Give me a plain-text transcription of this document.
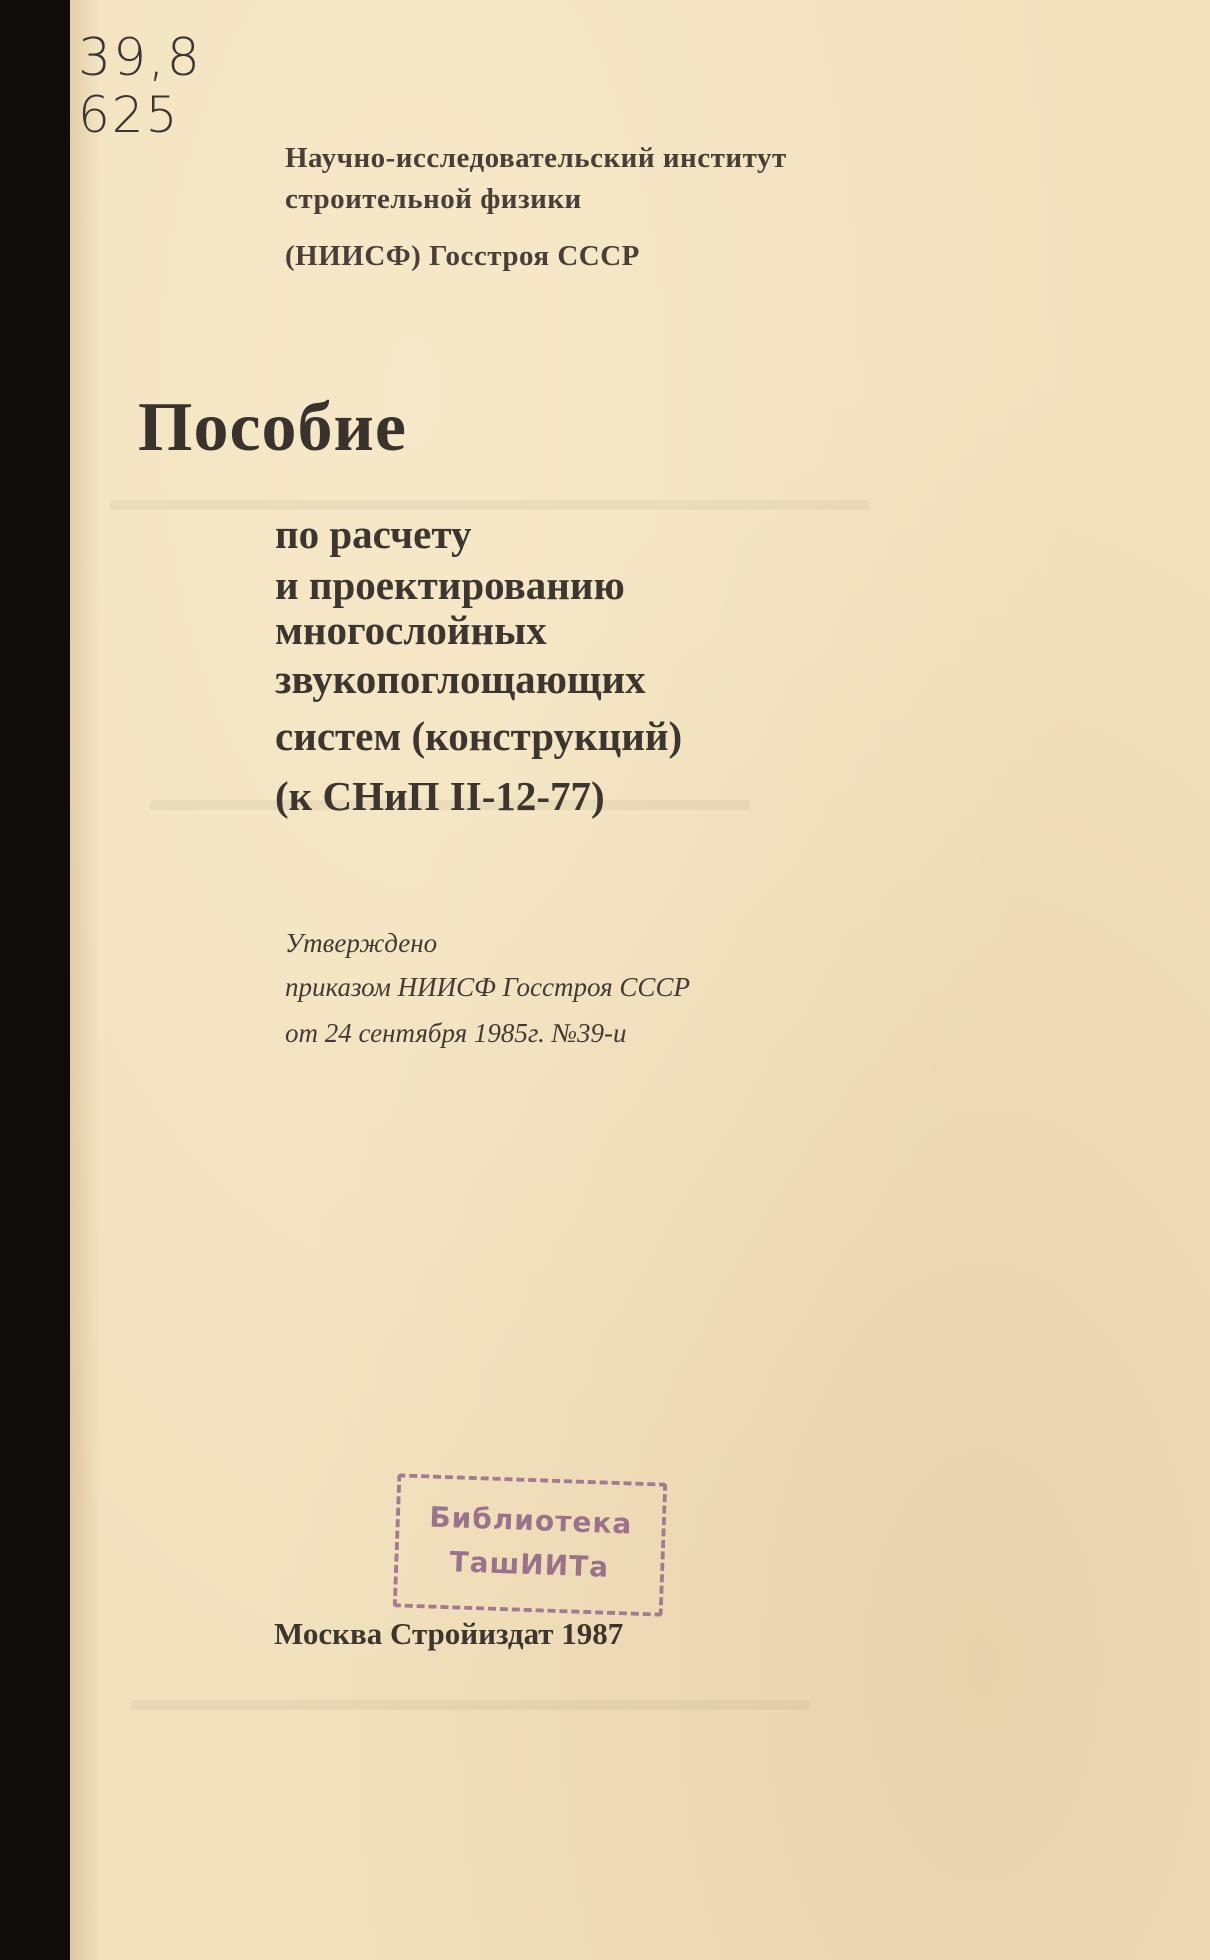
39,8
625
Научно-исследовательский институт
строительной физики
(НИИСФ) Госстроя СССР
Пособие
по расчету
и проектированию
многослойных
звукопоглощающих
систем (конструкций)
(к СНиП II-12-77)
Утверждено
приказом НИИСФ Госстроя СССР
от 24 сентября 1985г. №39-и
Библиотека
ТашИИТа
Москва Стройиздат 1987
